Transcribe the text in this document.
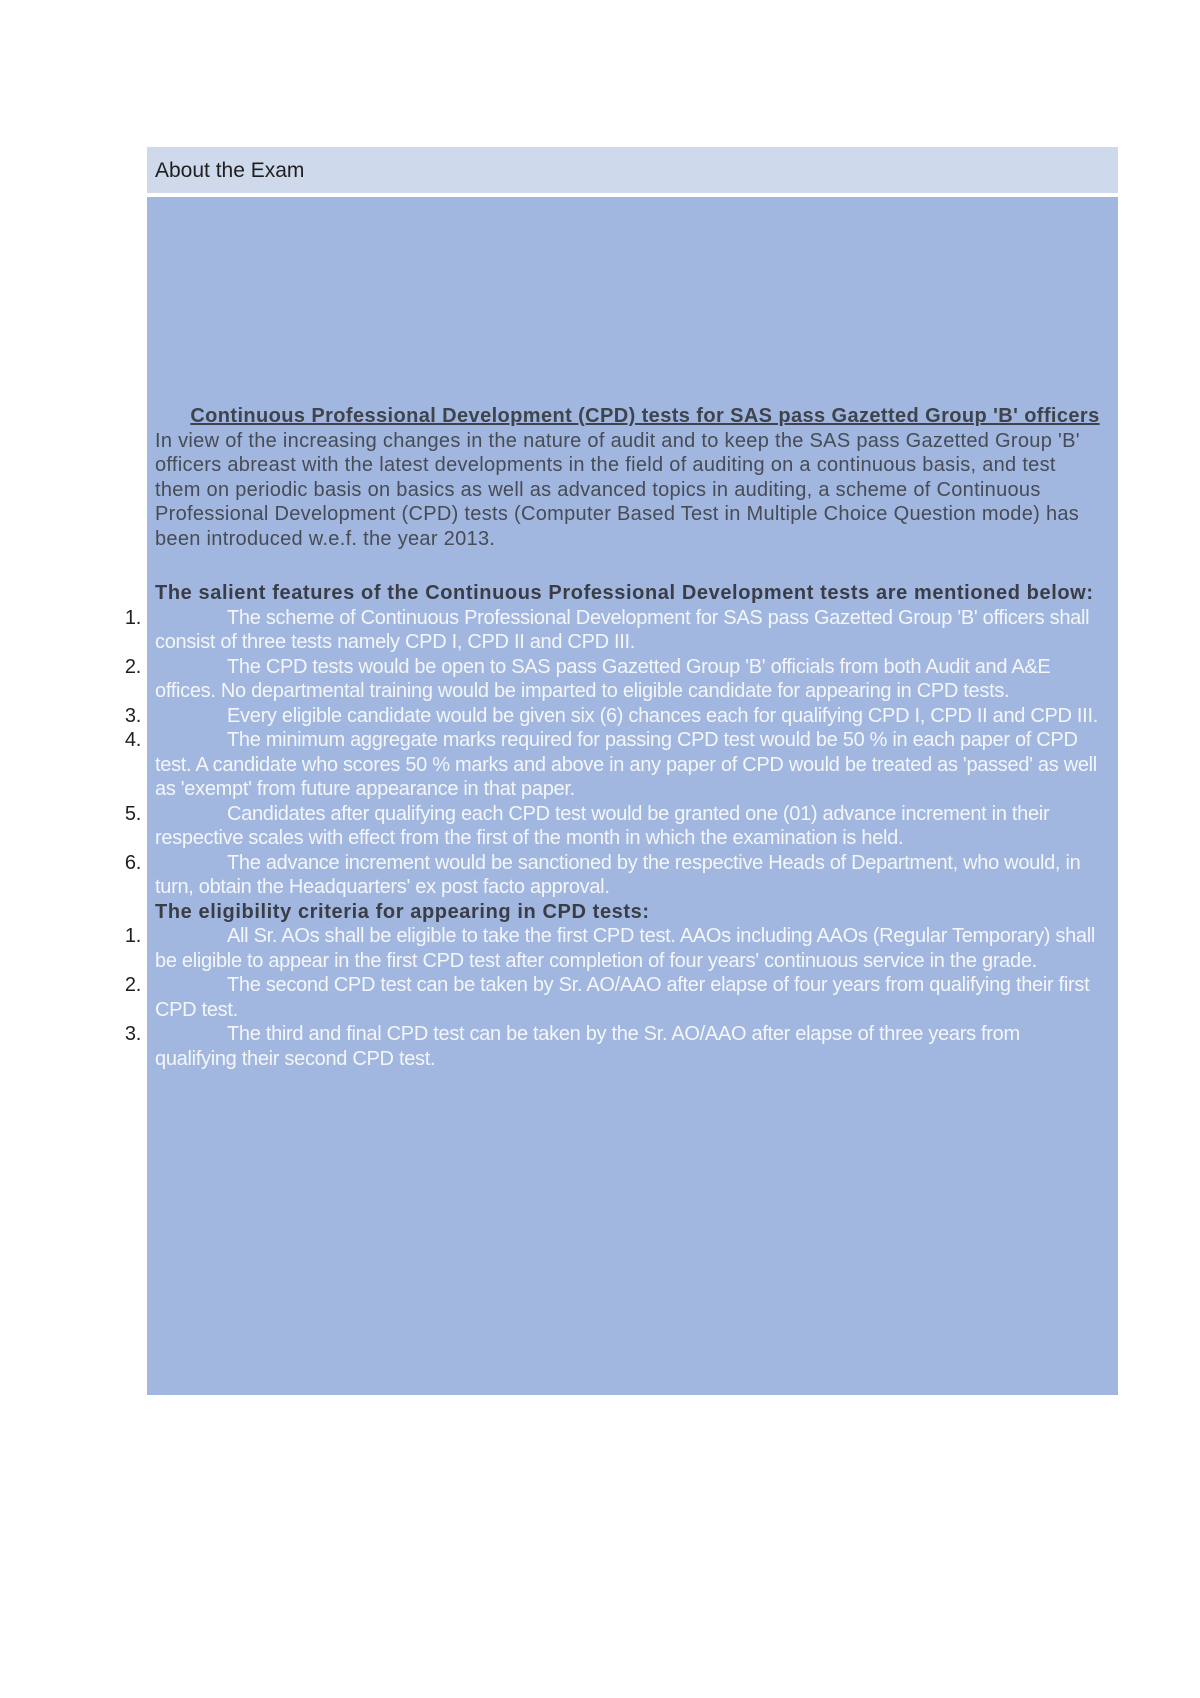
About the Exam
Continuous Professional Development (CPD) tests for SAS pass Gazetted Group 'B' officers
In view of the increasing changes in the nature of audit and to keep the SAS pass Gazetted Group 'B' officers abreast with the latest developments in the field of auditing on a continuous basis, and test them on periodic basis on basics as well as advanced topics in auditing, a scheme of Continuous Professional Development (CPD) tests (Computer Based Test in Multiple Choice Question mode) has been introduced w.e.f. the year 2013.
The salient features of the Continuous Professional Development tests are mentioned below:
1.	The scheme of Continuous Professional Development for SAS pass Gazetted Group 'B' officers shall consist of three tests namely CPD I, CPD II and CPD III.
2.	The CPD tests would be open to SAS pass Gazetted Group 'B' officials from both Audit and A&E offices. No departmental training would be imparted to eligible candidate for appearing in CPD tests.
3.	Every eligible candidate would be given six (6) chances each for qualifying CPD I, CPD II and CPD III.
4.	The minimum aggregate marks required for passing CPD test would be 50 % in each paper of CPD test. A candidate who scores 50 % marks and above in any paper of CPD would be treated as 'passed' as well as 'exempt' from future appearance in that paper.
5.	Candidates after qualifying each CPD test would be granted one (01) advance increment in their respective scales with effect from the first of the month in which the examination is held.
6.	The advance increment would be sanctioned by the respective Heads of Department, who would, in turn, obtain the Headquarters' ex post facto approval.
The eligibility criteria for appearing in CPD tests:
1.	All Sr. AOs shall be eligible to take the first CPD test. AAOs including AAOs (Regular Temporary) shall be eligible to appear in the first CPD test after completion of four years' continuous service in the grade.
2.	The second CPD test can be taken by Sr. AO/AAO after elapse of four years from qualifying their first CPD test.
3.	The third and final CPD test can be taken by the Sr. AO/AAO after elapse of three years from qualifying their second CPD test.
